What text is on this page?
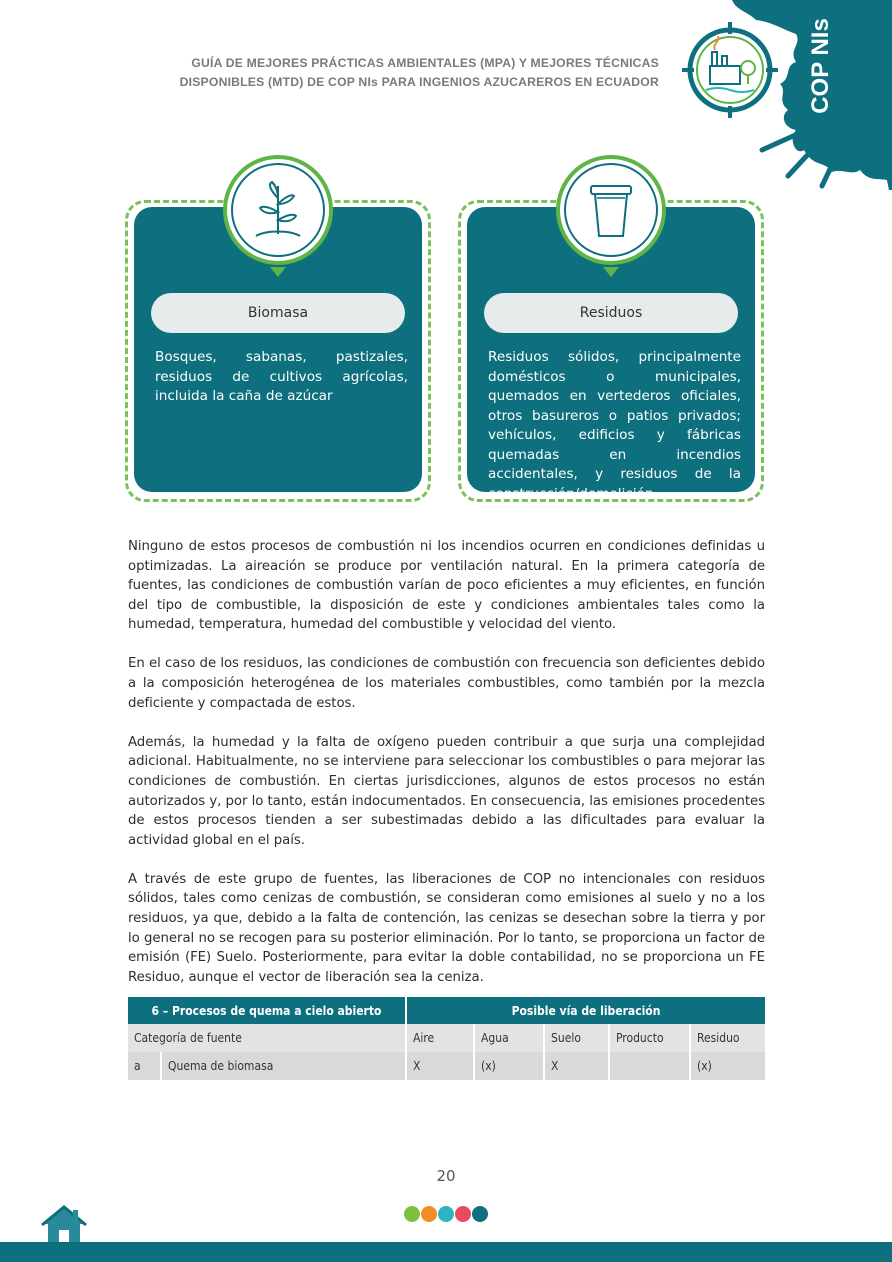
COP NIs
GUÍA DE MEJORES PRÁCTICAS AMBIENTALES (MPA) Y MEJORES TÉCNICAS
DISPONIBLES (MTD) DE COP NIs PARA INGENIOS AZUCAREROS EN ECUADOR
Biomasa
Bosques, sabanas, pastizales, residuos de cultivos agrícolas, incluida la caña de azúcar
Residuos
Residuos sólidos, principalmente domésticos o municipales, quemados en vertederos oficiales, otros basureros o patios privados; vehículos, edificios y fábricas quemadas en incendios accidentales, y residuos de la construcción/demolición

Ninguno de estos procesos de combustión ni los incendios ocurren en condiciones definidas u optimizadas. La aireación se produce por ventilación natural. En la primera categoría de fuentes, las condiciones de combustión varían de poco eficientes a muy eficientes, en función del tipo de combustible, la disposición de este y condiciones ambientales tales como la humedad, temperatura, humedad del combustible y velocidad del viento.

En el caso de los residuos, las condiciones de combustión con frecuencia son deficientes debido a la composición heterogénea de los materiales combustibles, como también por la mezcla deficiente y compactada de estos.

Además, la humedad y la falta de oxígeno pueden contribuir a que surja una complejidad adicional. Habitualmente, no se interviene para seleccionar los combustibles o para mejorar las condiciones de combustión. En ciertas jurisdicciones, algunos de estos procesos no están autorizados y, por lo tanto, están indocumentados. En consecuencia, las emisiones procedentes de estos procesos tienden a ser subestimadas debido a las dificultades para evaluar la actividad global en el país.

A través de este grupo de fuentes, las liberaciones de COP no intencionales con residuos sólidos, tales como cenizas de combustión, se consideran como emisiones al suelo y no a los residuos, ya que, debido a la falta de contención, las cenizas se desechan sobre la tierra y por lo general no se recogen para su posterior eliminación. Por lo tanto, se proporciona un factor de emisión (FE) Suelo. Posteriormente, para evitar la doble contabilidad, no se proporciona un FE Residuo, aunque el vector de liberación sea la ceniza.

6 – Procesos de quema a cielo abierto		Posible vía de liberación				
Categoría de fuente		Aire	Agua	Suelo	Producto	Residuo
a	Quema de biomasa	X	(x)	X		(x)
20
